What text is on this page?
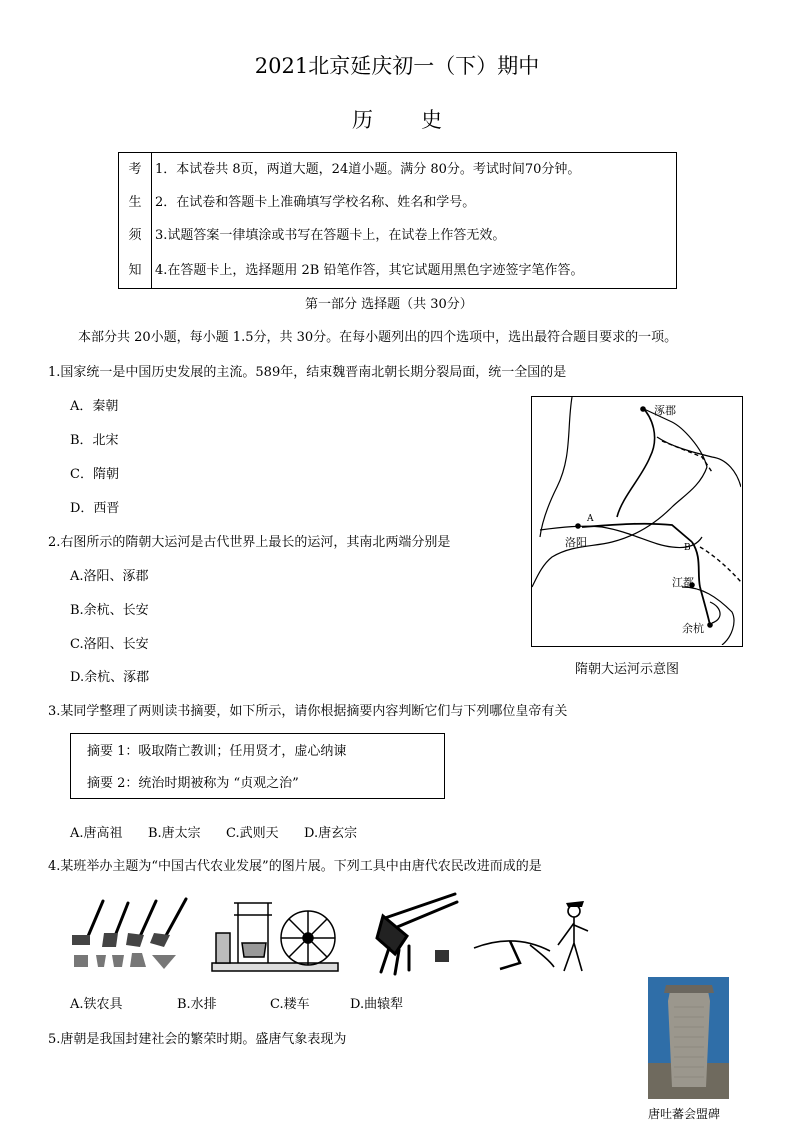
2021北京延庆初一（下）期中
历史
考
生
须
知
1．本试卷共 8页，两道大题，24道小题。满分 80分。考试时间70分钟。
2．在试卷和答题卡上准确填写学校名称、姓名和学号。
3.试题答案一律填涂或书写在答题卡上，在试卷上作答无效。
4.在答题卡上，选择题用 2B 铅笔作答，其它试题用黑色字迹签字笔作答。
第一部分 选择题（共 30分）
本部分共 20小题，每小题 1.5分，共 30分。在每小题列出的四个选项中，选出最符合题目要求的一项。
1.国家统一是中国历史发展的主流。589年，结束魏晋南北朝长期分裂局面，统一全国的是
A．秦朝
B．北宋
C．隋朝
D．西晋
涿郡
A
洛阳	B
江都
余杭
隋朝大运河示意图
2.右图所示的隋朝大运河是古代世界上最长的运河，其南北两端分别是
A.洛阳、涿郡
B.余杭、长安
C.洛阳、长安
D.余杭、涿郡
3.某同学整理了两则读书摘要，如下所示，请你根据摘要内容判断它们与下列哪位皇帝有关
摘要 1：吸取隋亡教训；任用贤才，虚心纳谏
摘要 2：统治时期被称为 “贞观之治”
A.唐高祖 B.唐太宗 C.武则天 D.唐玄宗
4.某班举办主题为“中国古代农业发展”的图片展。下列工具中由唐代农民改进而成的是
A.铁农具	B.水排	C.耧车	D.曲辕犁
5.唐朝是我国封建社会的繁荣时期。盛唐气象表现为
唐吐蕃会盟碑
